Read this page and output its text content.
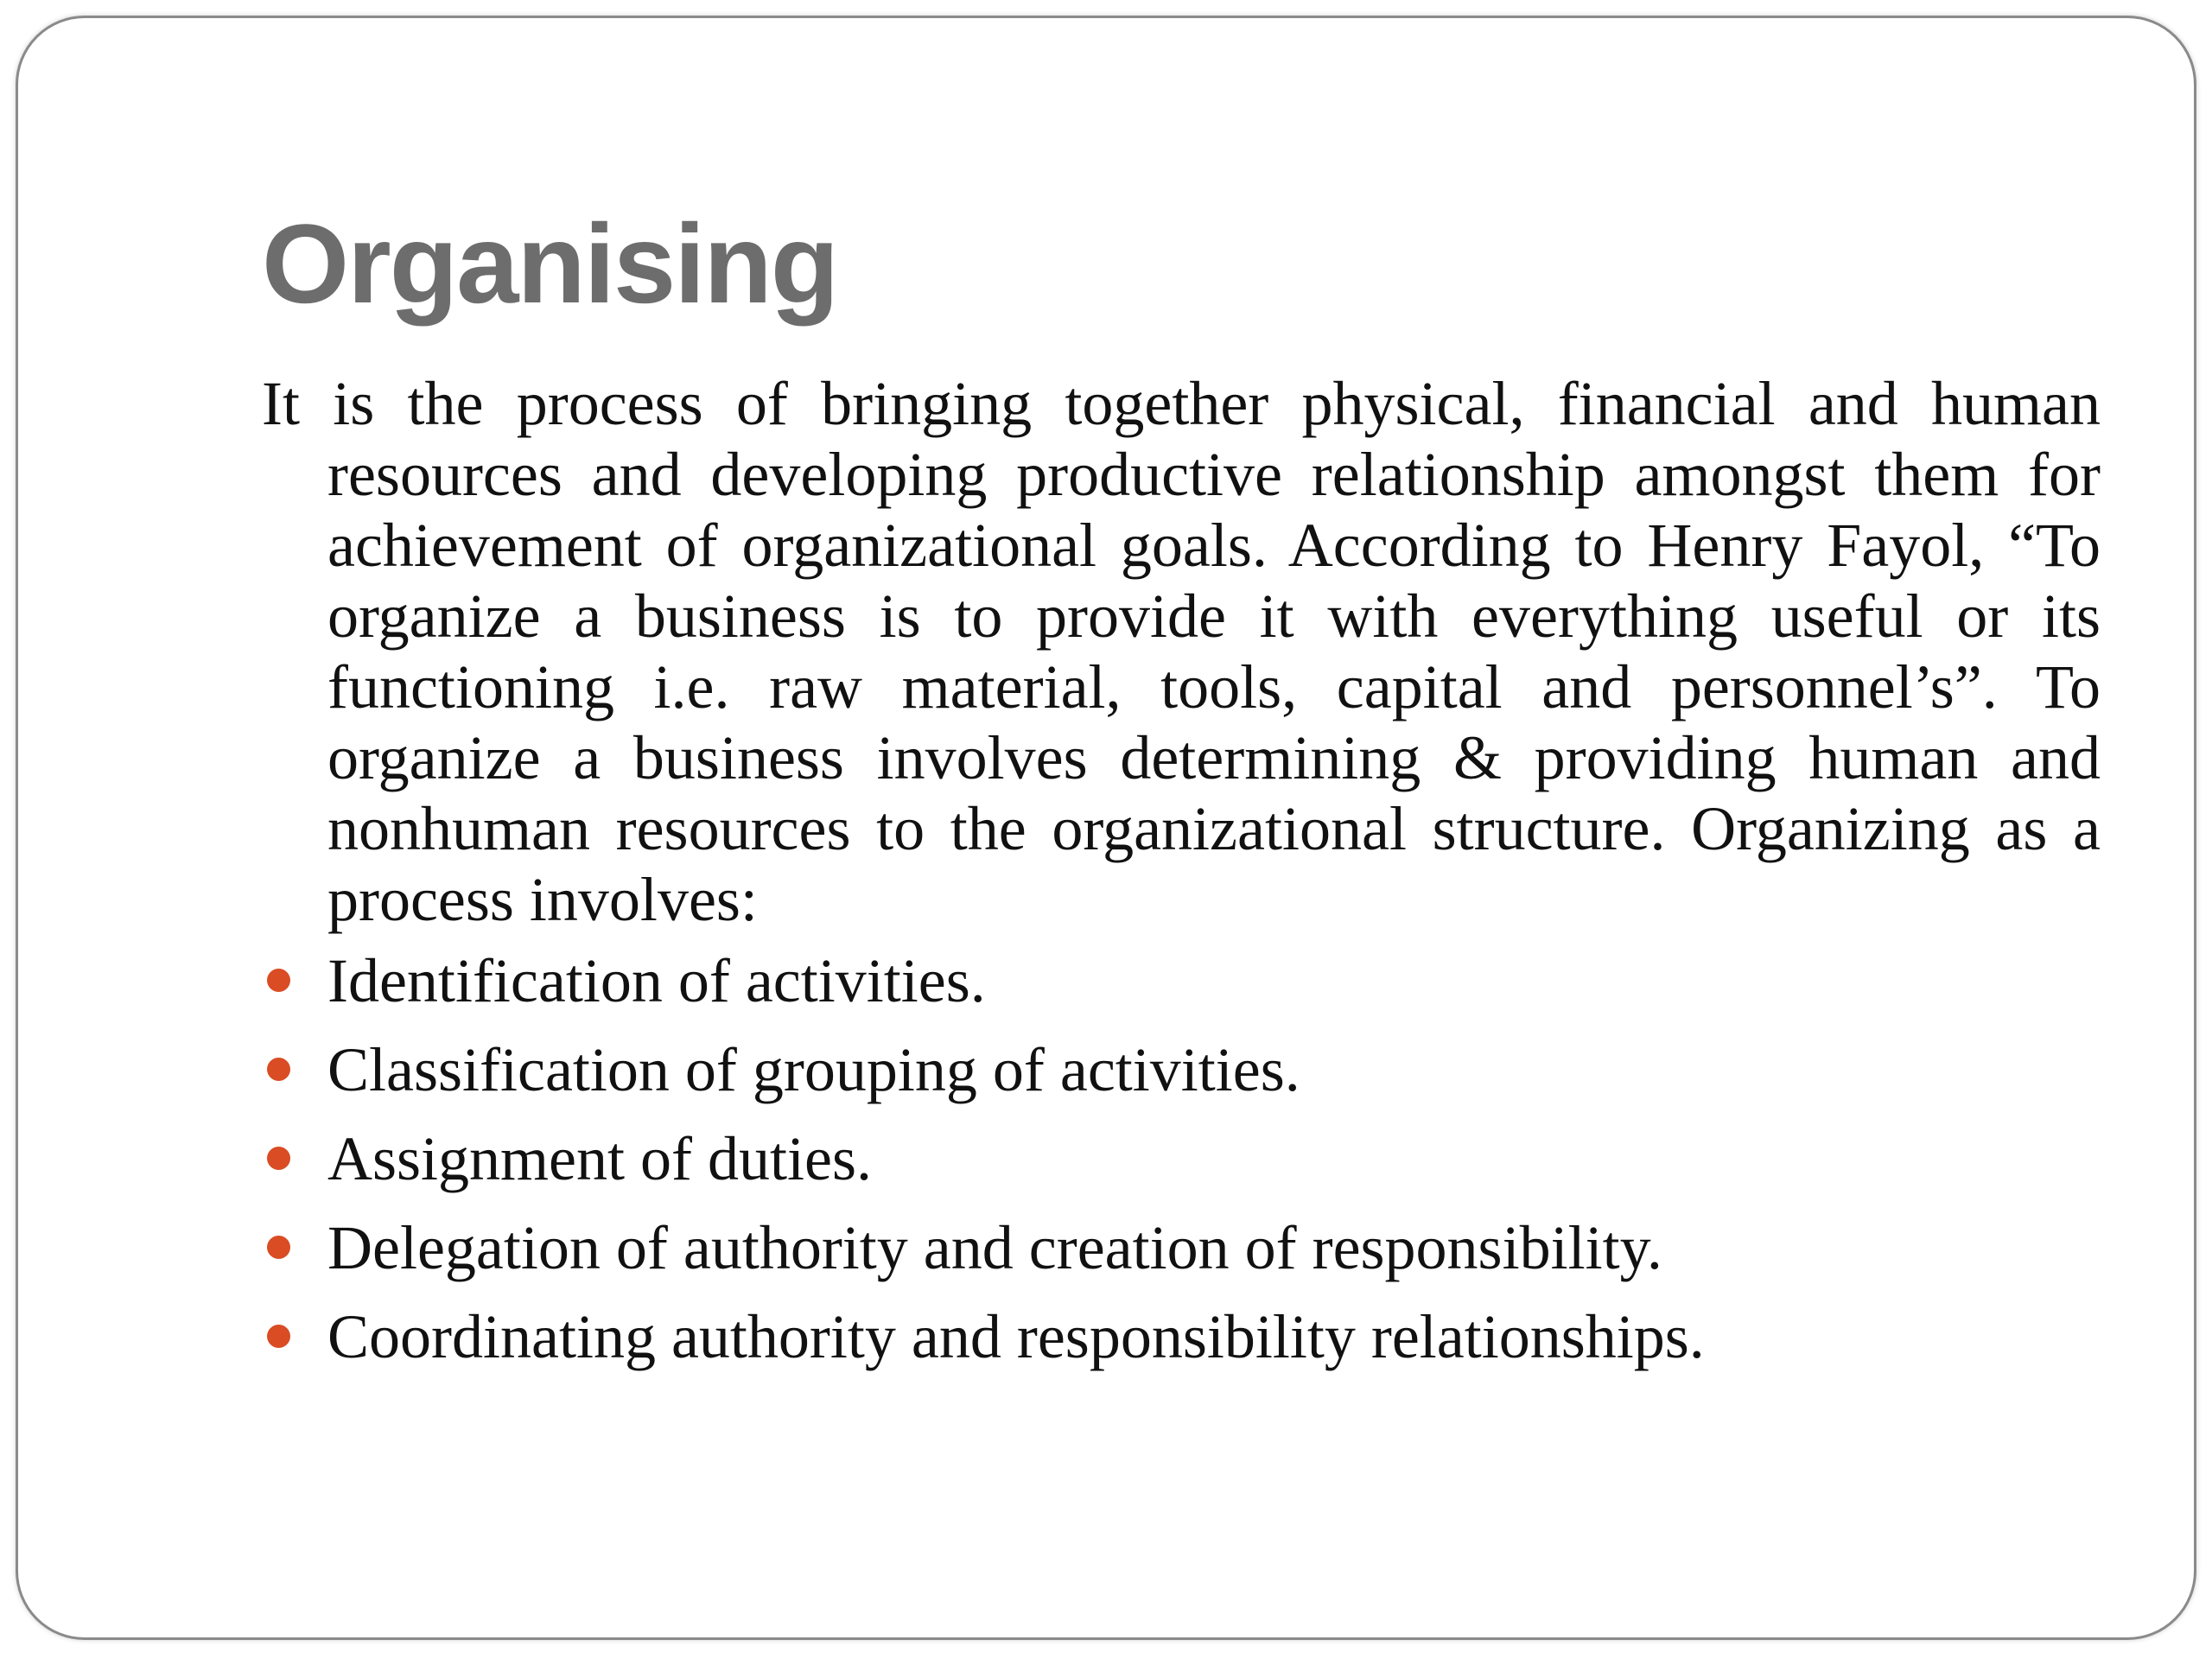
Organising

It is the process of bringing together physical, financial and human resources and developing productive relationship amongst them for achievement of organizational goals. According to Henry Fayol, “To organize a business is to provide it with everything useful or its functioning i.e. raw material, tools, capital and personnel’s”. To organize a business involves determining & providing human and nonhuman resources to the organizational structure. Organizing as a process involves:

Identification of activities.
Classification of grouping of activities.
Assignment of duties.
Delegation of authority and creation of responsibility.
Coordinating authority and responsibility relationships.
